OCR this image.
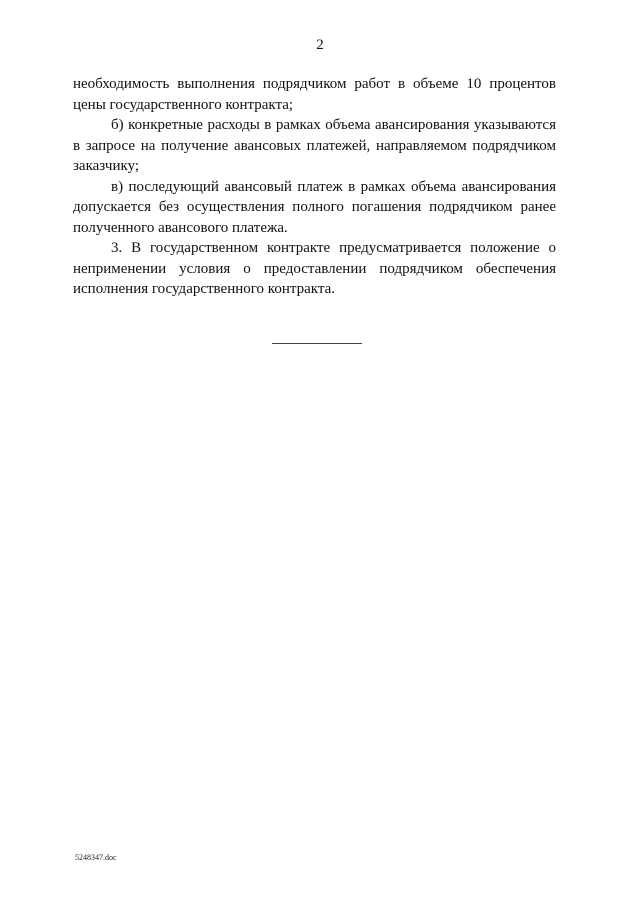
2

необходимость выполнения подрядчиком работ в объеме 10 процентов цены государственного контракта;

б) конкретные расходы в рамках объема авансирования указываются в запросе на получение авансовых платежей, направляемом подрядчиком заказчику;

в) последующий авансовый платеж в рамках объема авансирования допускается без осуществления полного погашения подрядчиком ранее полученного авансового платежа.

3. В государственном контракте предусматривается положение о неприменении условия о предоставлении подрядчиком обеспечения исполнения государственного контракта.

5248347.doc
